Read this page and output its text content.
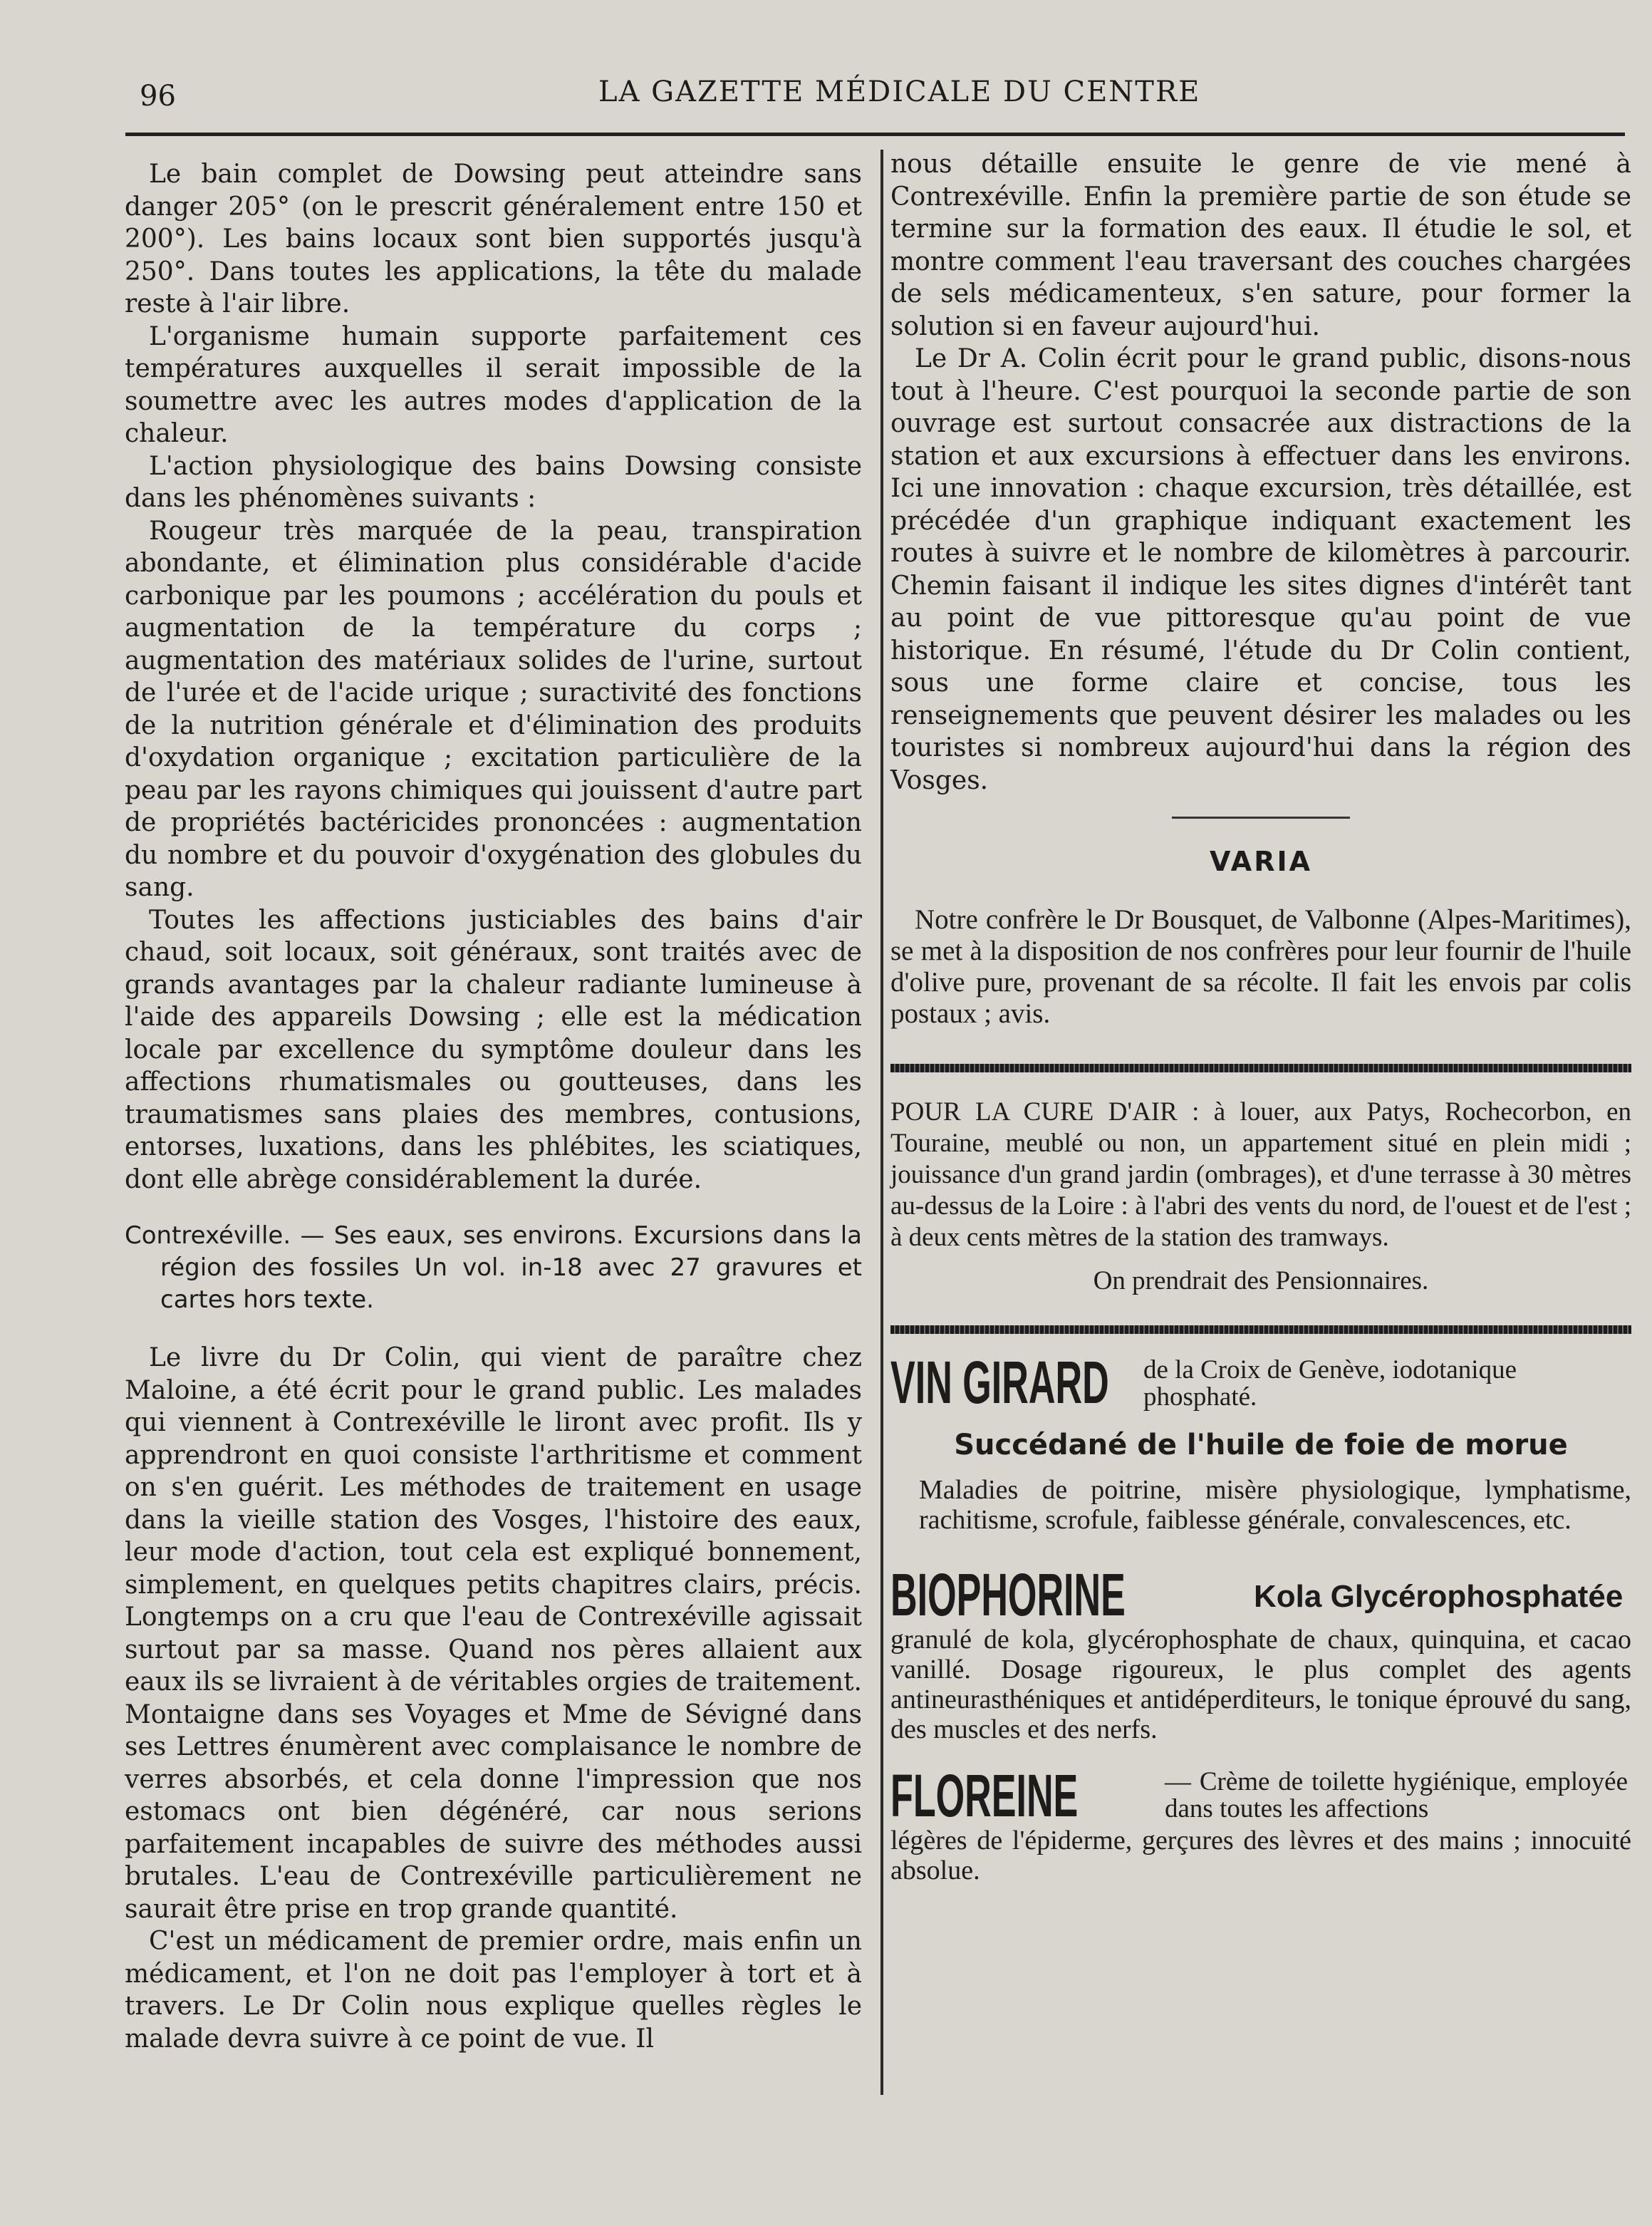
96	LA GAZETTE MÉDICALE DU CENTRE

Le bain complet de Dowsing peut atteindre sans danger 205° (on le prescrit généralement entre 150 et 200°). Les bains locaux sont bien supportés jusqu'à 250°. Dans toutes les applications, la tête du malade reste à l'air libre.

L'organisme humain supporte parfaitement ces températures auxquelles il serait impossible de la soumettre avec les autres modes d'application de la chaleur.

L'action physiologique des bains Dowsing consiste dans les phénomènes suivants :

Rougeur très marquée de la peau, transpiration abondante, et élimination plus considérable d'acide carbonique par les poumons ; accélération du pouls et augmentation de la température du corps ; augmentation des matériaux solides de l'urine, surtout de l'urée et de l'acide urique ; suractivité des fonctions de la nutrition générale et d'élimination des produits d'oxydation organique ; excitation particulière de la peau par les rayons chimiques qui jouissent d'autre part de propriétés bactéricides prononcées : augmentation du nombre et du pouvoir d'oxygénation des globules du sang.

Toutes les affections justiciables des bains d'air chaud, soit locaux, soit généraux, sont traités avec de grands avantages par la chaleur radiante lumineuse à l'aide des appareils Dowsing ; elle est la médication locale par excellence du symptôme douleur dans les affections rhumatismales ou goutteuses, dans les traumatismes sans plaies des membres, contusions, entorses, luxations, dans les phlébites, les sciatiques, dont elle abrège considérablement la durée.

Contrexéville. — Ses eaux, ses environs. Excursions dans la région des fossiles Un vol. in-18 avec 27 gravures et cartes hors texte.

Le livre du Dr Colin, qui vient de paraître chez Maloine, a été écrit pour le grand public. Les malades qui viennent à Contrexéville le liront avec profit. Ils y apprendront en quoi consiste l'arthritisme et comment on s'en guérit. Les méthodes de traitement en usage dans la vieille station des Vosges, l'histoire des eaux, leur mode d'action, tout cela est expliqué bonnement, simplement, en quelques petits chapitres clairs, précis. Longtemps on a cru que l'eau de Contrexéville agissait surtout par sa masse. Quand nos pères allaient aux eaux ils se livraient à de véritables orgies de traitement. Montaigne dans ses Voyages et Mme de Sévigné dans ses Lettres énumèrent avec complaisance le nombre de verres absorbés, et cela donne l'impression que nos estomacs ont bien dégénéré, car nous serions parfaitement incapables de suivre des méthodes aussi brutales. L'eau de Contrexéville particulièrement ne saurait être prise en trop grande quantité.

C'est un médicament de premier ordre, mais enfin un médicament, et l'on ne doit pas l'employer à tort et à travers. Le Dr Colin nous explique quelles règles le malade devra suivre à ce point de vue. Il

nous détaille ensuite le genre de vie mené à Contrexéville. Enfin la première partie de son étude se termine sur la formation des eaux. Il étudie le sol, et montre comment l'eau traversant des couches chargées de sels médicamenteux, s'en sature, pour former la solution si en faveur aujourd'hui.

Le Dr A. Colin écrit pour le grand public, disons-nous tout à l'heure. C'est pourquoi la seconde partie de son ouvrage est surtout consacrée aux distractions de la station et aux excursions à effectuer dans les environs. Ici une innovation : chaque excursion, très détaillée, est précédée d'un graphique indiquant exactement les routes à suivre et le nombre de kilomètres à parcourir. Chemin faisant il indique les sites dignes d'intérêt tant au point de vue pittoresque qu'au point de vue historique. En résumé, l'étude du Dr Colin contient, sous une forme claire et concise, tous les renseignements que peuvent désirer les malades ou les touristes si nombreux aujourd'hui dans la région des Vosges.

VARIA

Notre confrère le Dr Bousquet, de Valbonne (Alpes-Maritimes), se met à la disposition de nos confrères pour leur fournir de l'huile d'olive pure, provenant de sa récolte. Il fait les envois par colis postaux ; avis.

POUR LA CURE D'AIR : à louer, aux Patys, Rochecorbon, en Touraine, meublé ou non, un appartement situé en plein midi ; jouissance d'un grand jardin (ombrages), et d'une terrasse à 30 mètres au-dessus de la Loire : à l'abri des vents du nord, de l'ouest et de l'est ; à deux cents mètres de la station des tramways.

On prendrait des Pensionnaires.
VIN GIRARD de la Croix de Genève, iodotanique phosphaté.
Succédané de l'huile de foie de morue

Maladies de poitrine, misère physiologique, lymphatisme, rachitisme, scrofule, faiblesse générale, convalescences, etc.

BIOPHORINE	Kola Glycérophosphatée

granulé de kola, glycérophosphate de chaux, quinquina, et cacao vanillé. Dosage rigoureux, le plus complet des agents antineurasthéniques et antidéperditeurs, le tonique éprouvé du sang, des muscles et des nerfs.

FLOREINE	— Crème de toilette hygiénique, employée dans toutes les affections

légères de l'épiderme, gerçures des lèvres et des mains ; innocuité absolue.
